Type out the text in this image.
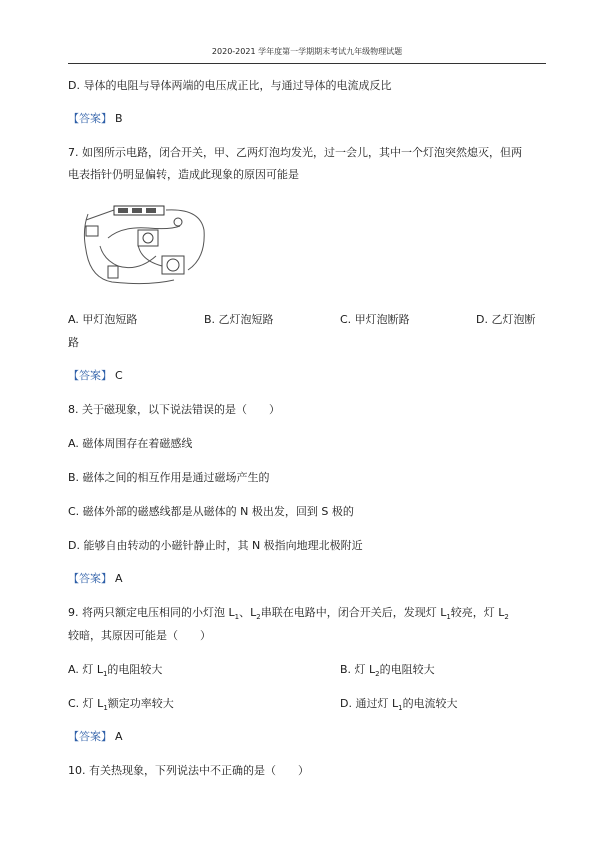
2020-2021 学年度第一学期期末考试九年级物理试题
D. 导体的电阻与导体两端的电压成正比，与通过导体的电流成反比
【答案】 B
7. 如图所示电路，闭合开关，甲、乙两灯泡均发光，过一会儿，其中一个灯泡突然熄灭，但两
电表指针仍明显偏转，造成此现象的原因可能是
A. 甲灯泡短路	B. 乙灯泡短路	C. 甲灯泡断路	D. 乙灯泡断
路
【答案】 C
8. 关于磁现象，以下说法错误的是（　　）
A. 磁体周围存在着磁感线
B. 磁体之间的相互作用是通过磁场产生的
C. 磁体外部的磁感线都是从磁体的 N 极出发，回到 S 极的
D. 能够自由转动的小磁针静止时，其 N 极指向地理北极附近
【答案】 A
9. 将两只额定电压相同的小灯泡 $L_1$、$L_2$串联在电路中，闭合开关后，发现灯 $L_1$较亮，灯 $L_2$
较暗，其原因可能是（　　）
A. 灯 $L_1$的电阻较大	B. 灯 $L_2$的电阻较大
C. 灯 $L_1$额定功率较大	D. 通过灯 $L_1$的电流较大
【答案】 A
10. 有关热现象，下列说法中不正确的是（　　）
